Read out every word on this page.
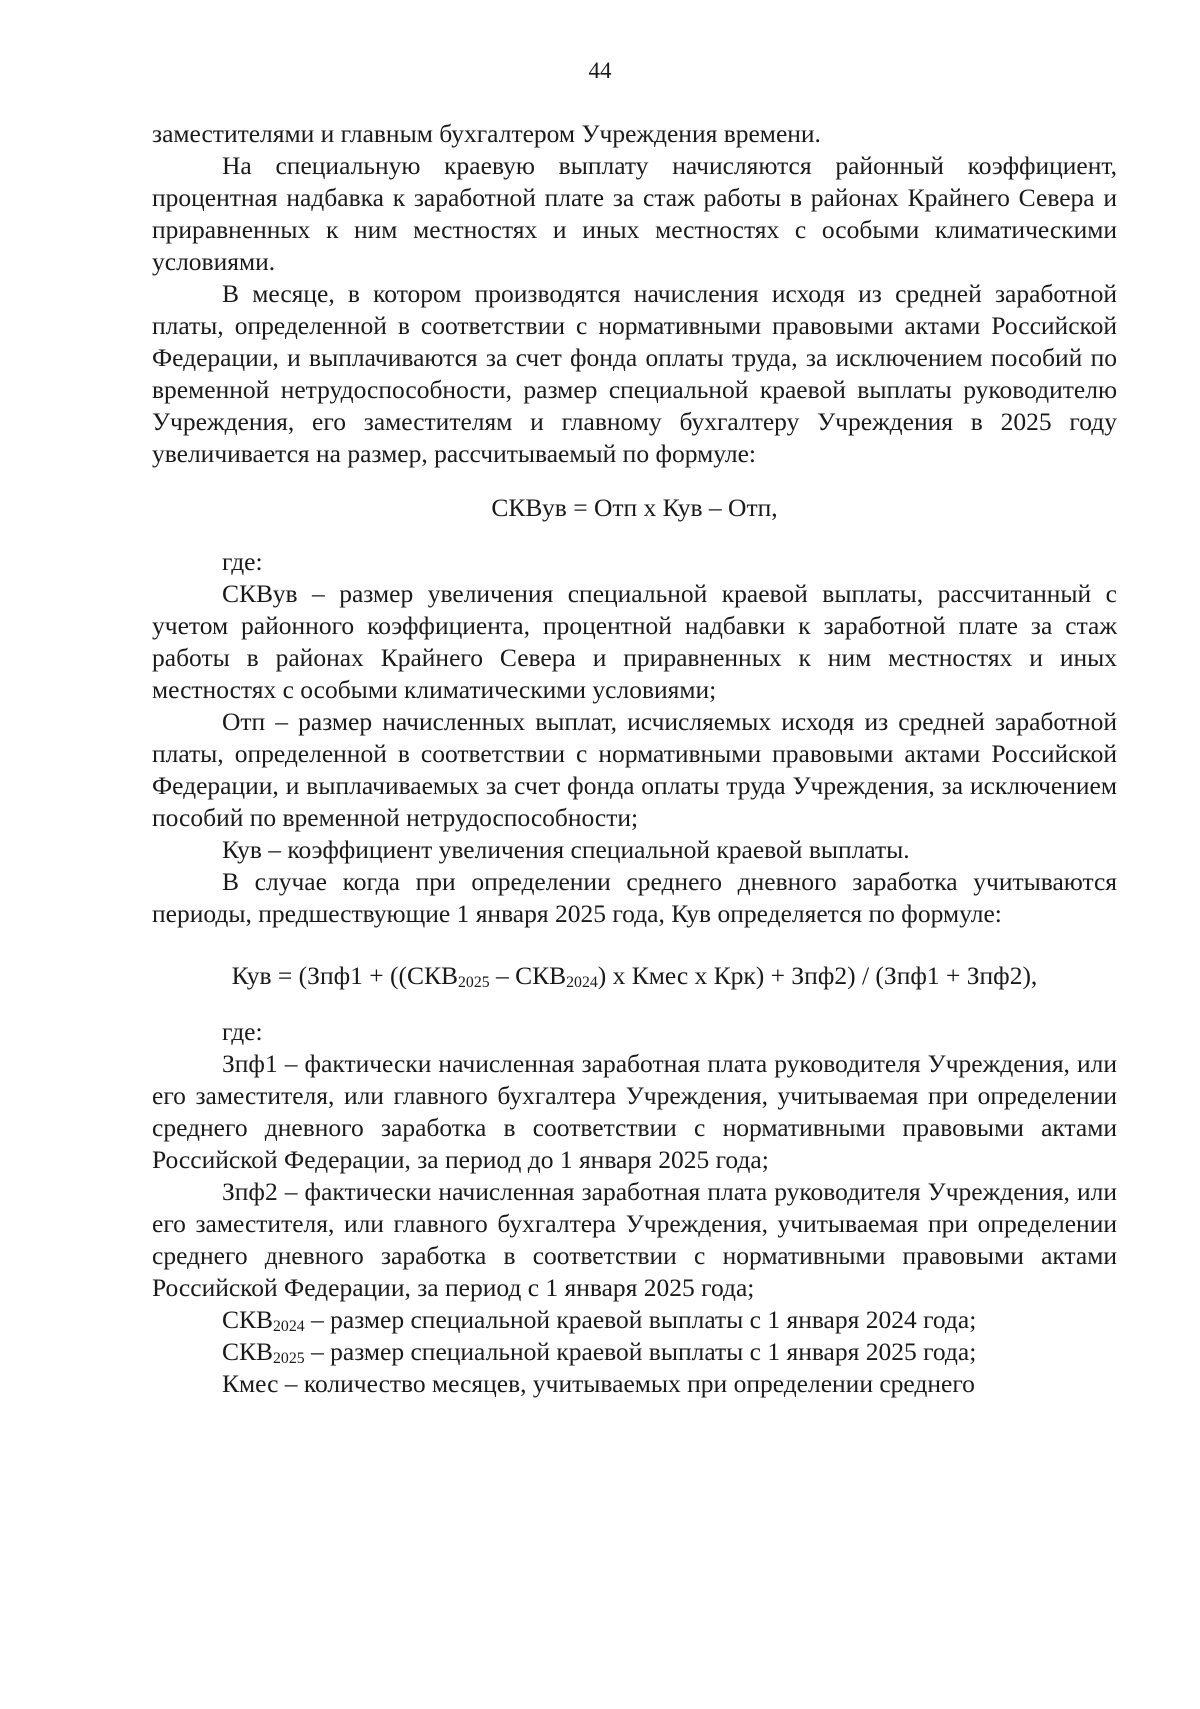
44

заместителями и главным бухгалтером Учреждения времени.

На специальную краевую выплату начисляются районный коэффициент, процентная надбавка к заработной плате за стаж работы в районах Крайнего Севера и приравненных к ним местностях и иных местностях с особыми климатическими условиями.

В месяце, в котором производятся начисления исходя из средней заработной платы, определенной в соответствии с нормативными правовыми актами Российской Федерации, и выплачиваются за счет фонда оплаты труда, за исключением пособий по временной нетрудоспособности, размер специальной краевой выплаты руководителю Учреждения, его заместителям и главному бухгалтеру Учреждения в 2025 году увеличивается на размер, рассчитываемый по формуле:

СКВув = Отп х Кув – Отп,

где:

СКВув – размер увеличения специальной краевой выплаты, рассчитанный с учетом районного коэффициента, процентной надбавки к заработной плате за стаж работы в районах Крайнего Севера и приравненных к ним местностях и иных местностях с особыми климатическими условиями;

Отп – размер начисленных выплат, исчисляемых исходя из средней заработной платы, определенной в соответствии с нормативными правовыми актами Российской Федерации, и выплачиваемых за счет фонда оплаты труда Учреждения, за исключением пособий по временной нетрудоспособности;

Кув – коэффициент увеличения специальной краевой выплаты.

В случае когда при определении среднего дневного заработка учитываются периоды, предшествующие 1 января 2025 года, Кув определяется по формуле:

Кув = (Зпф1 + ((СКВ2025 – СКВ2024) х Кмес х Крк) + Зпф2) / (Зпф1 + Зпф2),

где:

Зпф1 – фактически начисленная заработная плата руководителя Учреждения, или его заместителя, или главного бухгалтера Учреждения, учитываемая при определении среднего дневного заработка в соответствии с нормативными правовыми актами Российской Федерации, за период до 1 января 2025 года;

Зпф2 – фактически начисленная заработная плата руководителя Учреждения, или его заместителя, или главного бухгалтера Учреждения, учитываемая при определении среднего дневного заработка в соответствии с нормативными правовыми актами Российской Федерации, за период с 1 января 2025 года;

СКВ2024 – размер специальной краевой выплаты с 1 января 2024 года;

СКВ2025 – размер специальной краевой выплаты с 1 января 2025 года;

Кмес – количество месяцев, учитываемых при определении среднего
